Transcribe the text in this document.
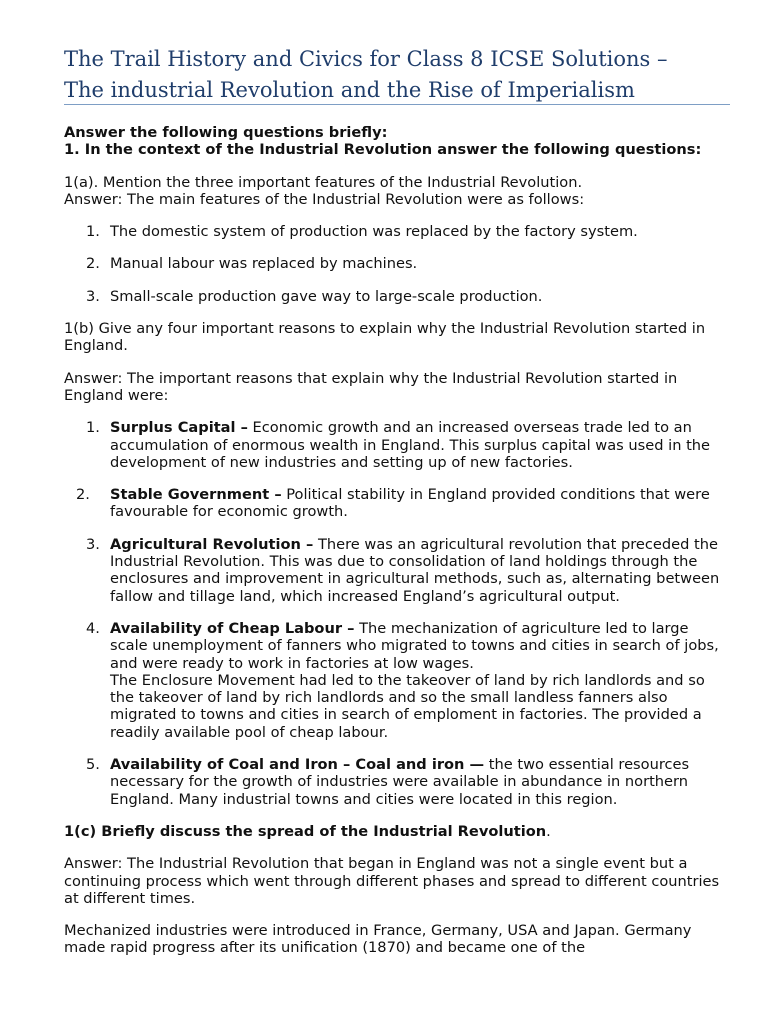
The Trail History and Civics for Class 8 ICSE Solutions –
The industrial Revolution and the Rise of Imperialism

Answer the following questions briefly:

1. In the context of the Industrial Revolution answer the following questions:

1(a). Mention the three important features of the Industrial Revolution.

Answer: The main features of the Industrial Revolution were as follows:

1. The domestic system of production was replaced by the factory system.
2. Manual labour was replaced by machines.
3. Small-scale production gave way to large-scale production.

1(b) Give any four important reasons to explain why the Industrial Revolution started in England.

Answer: The important reasons that explain why the Industrial Revolution started in England were:

1. Surplus Capital – Economic growth and an increased overseas trade led to an accumulation of enormous wealth in England. This surplus capital was used in the development of new industries and setting up of new factories.
2. Stable Government – Political stability in England provided conditions that were favourable for economic growth.
3. Agricultural Revolution – There was an agricultural revolution that preceded the Industrial Revolution. This was due to consolidation of land holdings through the enclosures and improvement in agricultural methods, such as, alternating between fallow and tillage land, which increased England’s agricultural output.
4. Availability of Cheap Labour – The mechanization of agriculture led to large scale unemployment of fanners who migrated to towns and cities in search of jobs, and were ready to work in factories at low wages.
The Enclosure Movement had led to the takeover of land by rich landlords and so the takeover of land by rich landlords and so the small landless fanners also migrated to towns and cities in search of emploment in factories. The provided a readily available pool of cheap labour.
5. Availability of Coal and Iron – Coal and iron — the two essential resources necessary for the growth of industries were available in abundance in northern England. Many industrial towns and cities were located in this region.

1(c) Briefly discuss the spread of the Industrial Revolution.

Answer: The Industrial Revolution that began in England was not a single event but a continuing process which went through different phases and spread to different countries at different times.

Mechanized industries were introduced in France, Germany, USA and Japan. Germany made rapid progress after its unification (1870) and became one of the
